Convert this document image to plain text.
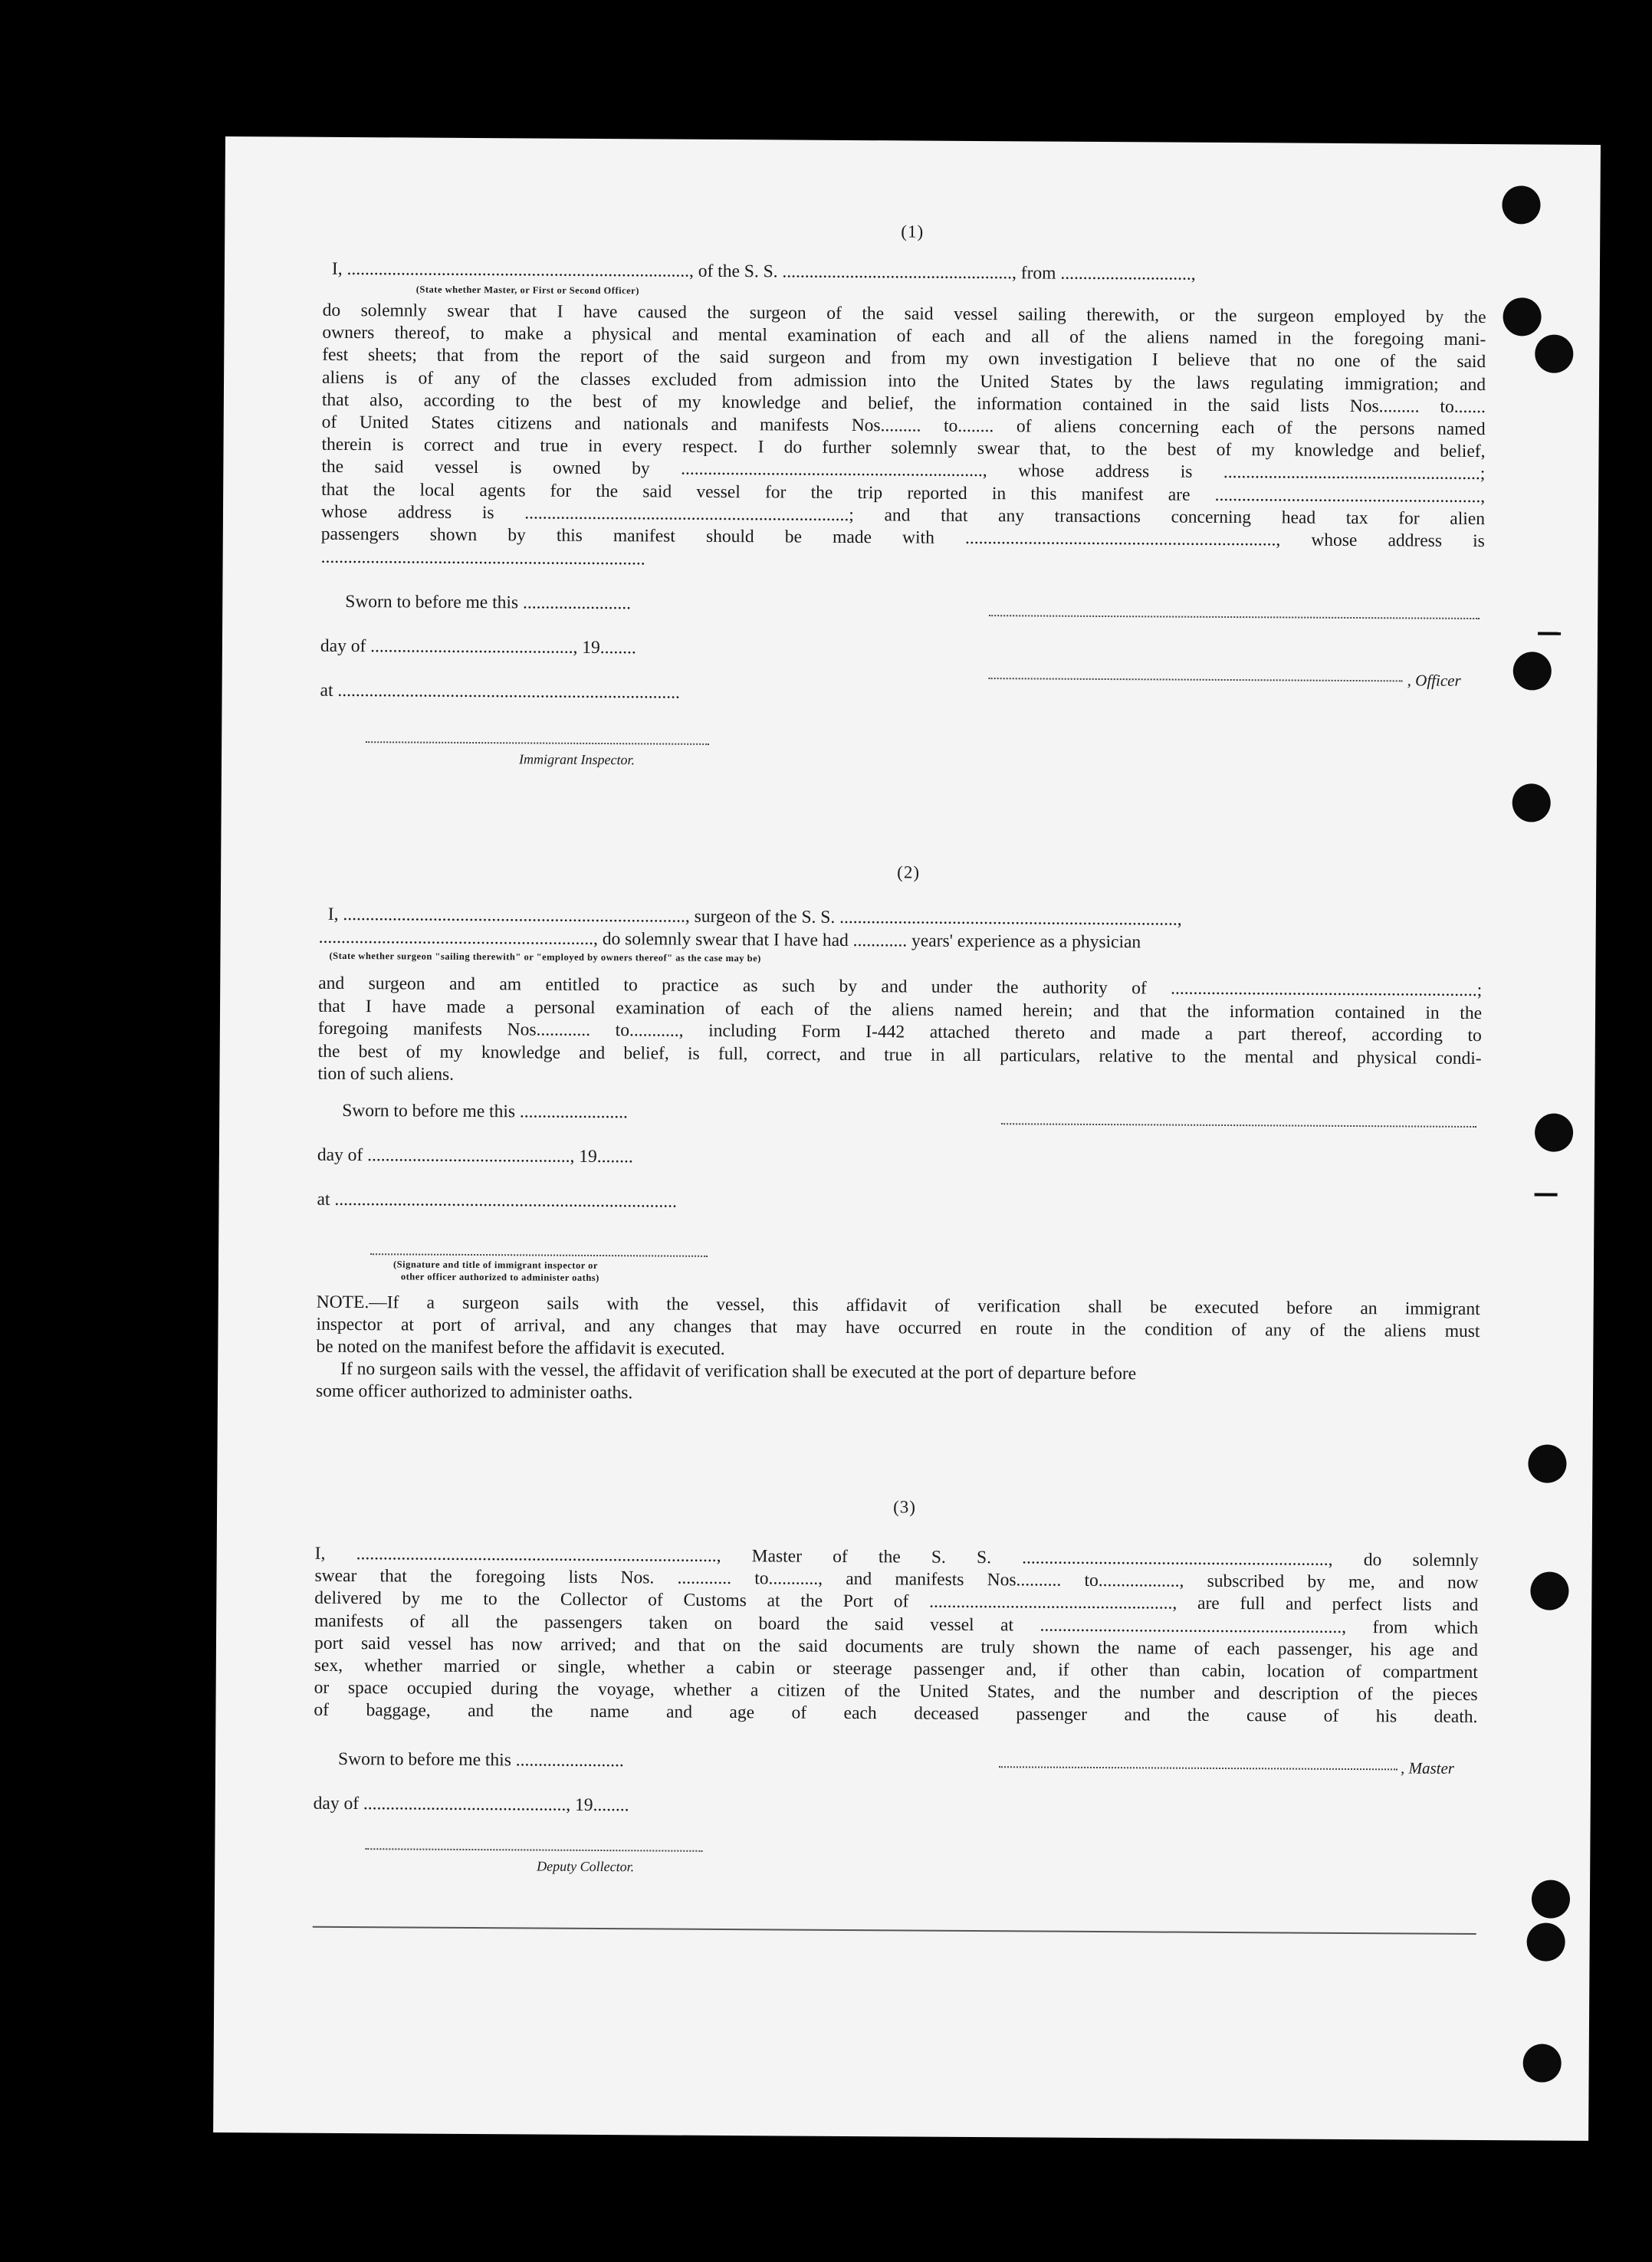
(1)
I, ............................................................................, of the S. S. ..................................................., from .............................,
(State whether Master, or First or Second Officer)
do solemnly swear that I have caused the surgeon of the said vessel sailing therewith, or the surgeon employed by the
owners thereof, to make a physical and mental examination of each and all of the aliens named in the foregoing mani-
fest sheets; that from the report of the said surgeon and from my own investigation I believe that no one of the said
aliens is of any of the classes excluded from admission into the United States by the laws regulating immigration; and
that also, according to the best of my knowledge and belief, the information contained in the said lists Nos......... to.......
of United States citizens and nationals and manifests Nos......... to........ of aliens concerning each of the persons named
therein is correct and true in every respect. I do further solemnly swear that, to the best of my knowledge and belief,
the said vessel is owned by ..................................................................., whose address is .........................................................;
that the local agents for the said vessel for the trip reported in this manifest are ...........................................................,
whose address is ........................................................................; and that any transactions concerning head tax for alien
passengers shown by this manifest should be made with ....................................................................., whose address is
........................................................................
Sworn to before me this ........................
day of ............................................., 19........
at ............................................................................
Immigrant Inspector.
, Officer
(2)
I, ............................................................................, surgeon of the S. S. ...........................................................................,
............................................................., do solemnly swear that I have had ............ years' experience as a physician
(State whether surgeon "sailing therewith" or "employed by owners thereof" as the case may be)
and surgeon and am entitled to practice as such by and under the authority of ....................................................................;
that I have made a personal examination of each of the aliens named herein; and that the information contained in the
foregoing manifests Nos............ to..........., including Form I-442 attached thereto and made a part thereof, according to
the best of my knowledge and belief, is full, correct, and true in all particulars, relative to the mental and physical condi-
tion of such aliens.
Sworn to before me this ........................
day of ............................................., 19........
at ............................................................................
(Signature and title of immigrant inspector or
other officer authorized to administer oaths)
NOTE.—If a surgeon sails with the vessel, this affidavit of verification shall be executed before an immigrant
inspector at port of arrival, and any changes that may have occurred en route in the condition of any of the aliens must
be noted on the manifest before the affidavit is executed.
If no surgeon sails with the vessel, the affidavit of verification shall be executed at the port of departure before
some officer authorized to administer oaths.
(3)
I, ................................................................................, Master of the S. S. ...................................................................., do solemnly
swear that the foregoing lists Nos. ............ to..........., and manifests Nos.......... to.................., subscribed by me, and now
delivered by me to the Collector of Customs at the Port of ......................................................, are full and perfect lists and
manifests of all the passengers taken on board the said vessel at ..................................................................., from which
port said vessel has now arrived; and that on the said documents are truly shown the name of each passenger, his age and
sex, whether married or single, whether a cabin or steerage passenger and, if other than cabin, location of compartment
or space occupied during the voyage, whether a citizen of the United States, and the number and description of the pieces
of baggage, and the name and age of each deceased passenger and the cause of his death.
Sworn to before me this ........................
day of ............................................., 19........
Deputy Collector.
, Master
